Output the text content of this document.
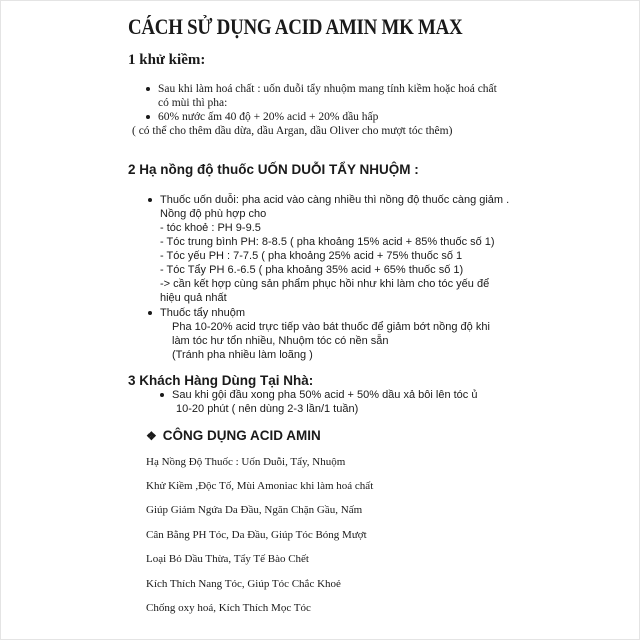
CÁCH SỬ DỤNG ACID AMIN MK MAX
1 khử kiềm:
Sau khi làm hoá chất : uốn duỗi tẩy nhuộm mang tính kiềm hoặc hoá chất
có mùi thì pha:
60% nước ấm 40 độ + 20% acid + 20% dầu hấp
( có thể cho thêm dầu dừa, dầu Argan, dầu Oliver cho mượt tóc thêm)
2 Hạ nồng độ thuốc UỐN DUỖI TẨY NHUỘM :
Thuốc uốn duỗi: pha acid vào càng nhiều thì nồng độ thuốc càng giảm .
Nồng độ phù hợp cho
- tóc khoẻ : PH 9-9.5
- Tóc trung bình PH: 8-8.5 ( pha khoảng 15% acid + 85% thuốc số 1)
- Tóc yếu PH : 7-7.5 ( pha khoảng 25% acid + 75% thuốc số 1
- Tóc Tẩy PH 6.-6.5 ( pha khoảng 35% acid + 65% thuốc số 1)
-> cần kết hợp cùng sản phẩm phục hồi như khi làm cho tóc yếu để
hiệu quả nhất
Thuốc tẩy nhuộm
Pha 10-20% acid trực tiếp vào bát thuốc để giảm bớt nồng độ khi
làm tóc hư tổn nhiều, Nhuộm tóc có nền sẵn
(Tránh pha nhiều làm loãng )
3 Khách Hàng Dùng Tại Nhà:
Sau khi gội đầu xong pha 50% acid + 50% dầu xả bôi lên tóc ủ
10-20 phút ( nên dùng 2-3 lần/1 tuần)
❖ CÔNG DỤNG ACID AMIN
Hạ Nồng Độ Thuốc : Uốn Duỗi, Tẩy, Nhuộm
Khử Kiềm ,Độc Tố, Mùi Amoniac khi làm hoá chất
Giúp Giảm Ngứa Da Đầu, Ngăn Chặn Gầu, Nấm
Cân Bằng PH Tóc, Da Đầu, Giúp Tóc Bóng Mượt
Loại Bỏ Dầu Thừa, Tẩy Tế Bào Chết
Kích Thích Nang Tóc, Giúp Tóc Chắc Khoẻ
Chống oxy hoá, Kích Thích Mọc Tóc
